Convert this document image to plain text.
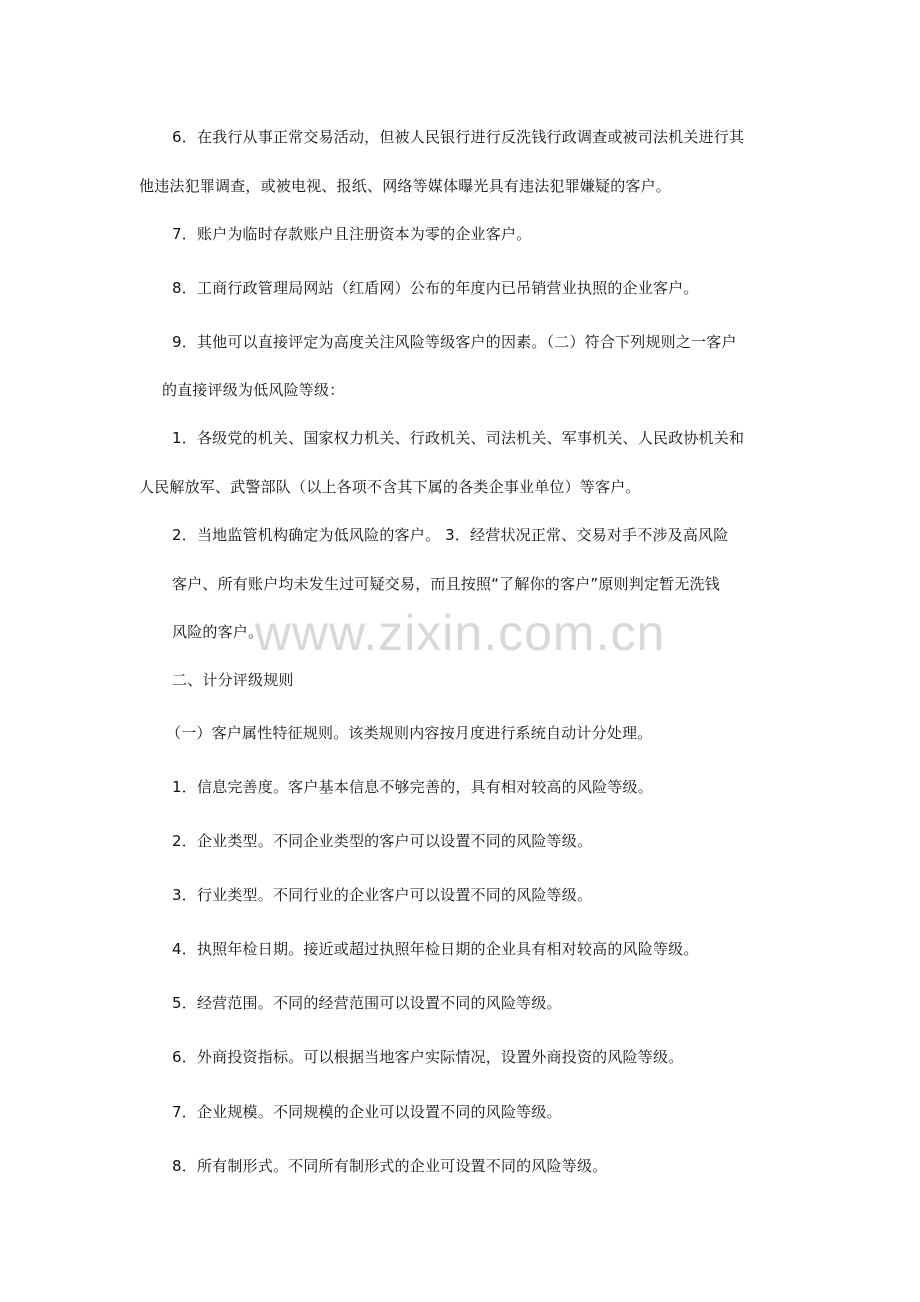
6．在我行从事正常交易活动，但被人民银行进行反洗钱行政调查或被司法机关进行其
他违法犯罪调查，或被电视、报纸、网络等媒体曝光具有违法犯罪嫌疑的客户。
7．账户为临时存款账户且注册资本为零的企业客户。
8．工商行政管理局网站（红盾网）公布的年度内已吊销营业执照的企业客户。
9．其他可以直接评定为高度关注风险等级客户的因素。（二）符合下列规则之一客户
的直接评级为低风险等级：
1．各级党的机关、国家权力机关、行政机关、司法机关、军事机关、人民政协机关和
人民解放军、武警部队（以上各项不含其下属的各类企事业单位）等客户。
2．当地监管机构确定为低风险的客户。 3．经营状况正常、交易对手不涉及高风险
客户、所有账户均未发生过可疑交易，而且按照“了解你的客户”原则判定暂无洗钱
风险的客户。
二、计分评级规则
（一）客户属性特征规则。该类规则内容按月度进行系统自动计分处理。
1．信息完善度。客户基本信息不够完善的，具有相对较高的风险等级。
2．企业类型。不同企业类型的客户可以设置不同的风险等级。
3．行业类型。不同行业的企业客户可以设置不同的风险等级。
4．执照年检日期。接近或超过执照年检日期的企业具有相对较高的风险等级。
5．经营范围。不同的经营范围可以设置不同的风险等级。
6．外商投资指标。可以根据当地客户实际情况，设置外商投资的风险等级。
7．企业规模。不同规模的企业可以设置不同的风险等级。
8．所有制形式。不同所有制形式的企业可设置不同的风险等级。
www.zixin.com.cn
